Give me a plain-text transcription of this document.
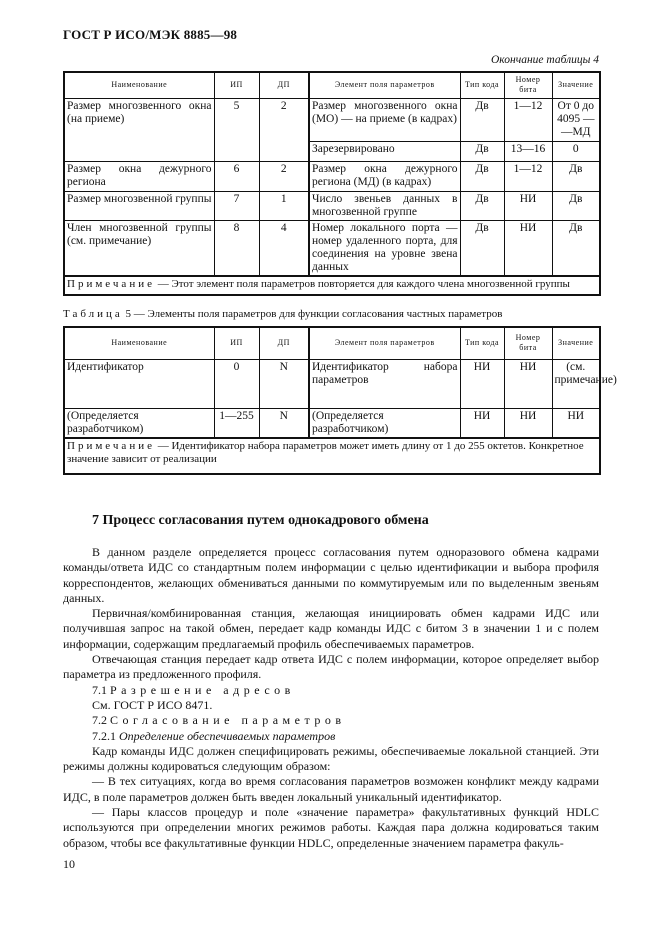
ГОСТ Р ИСО/МЭК 8885—98
Окончание таблицы 4
Наименование	ИП	ДП	Элемент поля параметров	Тип кода	Номер бита	Значение
Размер многозвенного окна (на приеме)	5	2	Размер многозвенного окна (МО) — на приеме (в кадрах)	Дв	1—12	От 0 до 4095 — —МД
			Зарезервировано	Дв	13—16	0
Размер окна дежурного региона	6	2	Размер окна дежурного региона (МД) (в кадрах)	Дв	1—12	Дв
Размер многозвенной группы	7	1	Число звеньев данных в многозвенной группе	Дв	НИ	Дв
Член многозвенной группы (см. примечание)	8	4	Номер локального порта — номер удаленного порта, для соединения на уровне звена данных	Дв	НИ	Дв
Примечание — Этот элемент поля параметров повторяется для каждого члена многозвенной группы						
Таблица 5 — Элементы поля параметров для функции согласования частных параметров
Наименование	ИП	ДП	Элемент поля параметров	Тип кода	Номер бита	Значение
Идентификатор	0	N	Идентификатор набора параметров	НИ	НИ	(см. примечание)
(Определяется разработчиком)	1—255	N	(Определяется разработчиком)	НИ	НИ	НИ
Примечание — Идентификатор набора параметров может иметь длину от 1 до 255 октетов. Конкретное значение зависит от реализации						
7 Процесс согласования путем однокадрового обмена

В данном разделе определяется процесс согласования путем одноразового обмена кадрами команды/ответа ИДС со стандартным полем информации с целью идентификации и выбора профиля корреспондентов, желающих обмениваться данными по коммутируемым или по выделенным звеньям данных.

Первичная/комбинированная станция, желающая инициировать обмен кадрами ИДС или получившая запрос на такой обмен, передает кадр команды ИДС с битом 3 в значении 1 и с полем информации, содержащим предлагаемый профиль обеспечиваемых параметров.

Отвечающая станция передает кадр ответа ИДС с полем информации, которое определяет выбор параметра из предложенного профиля.

7.1 Разрешение адресов

См. ГОСТ Р ИСО 8471.

7.2 Согласование параметров

7.2.1 Определение обеспечиваемых параметров

Кадр команды ИДС должен специфицировать режимы, обеспечиваемые локальной станцией. Эти режимы должны кодироваться следующим образом:

— В тех ситуациях, когда во время согласования параметров возможен конфликт между кадрами ИДС, в поле параметров должен быть введен локальный уникальный идентификатор.

— Пары классов процедур и поле «значение параметра» факультативных функций HDLC используются при определении многих режимов работы. Каждая пара должна кодироваться таким образом, чтобы все факультативные функции HDLC, определенные значением параметра факуль-

10
